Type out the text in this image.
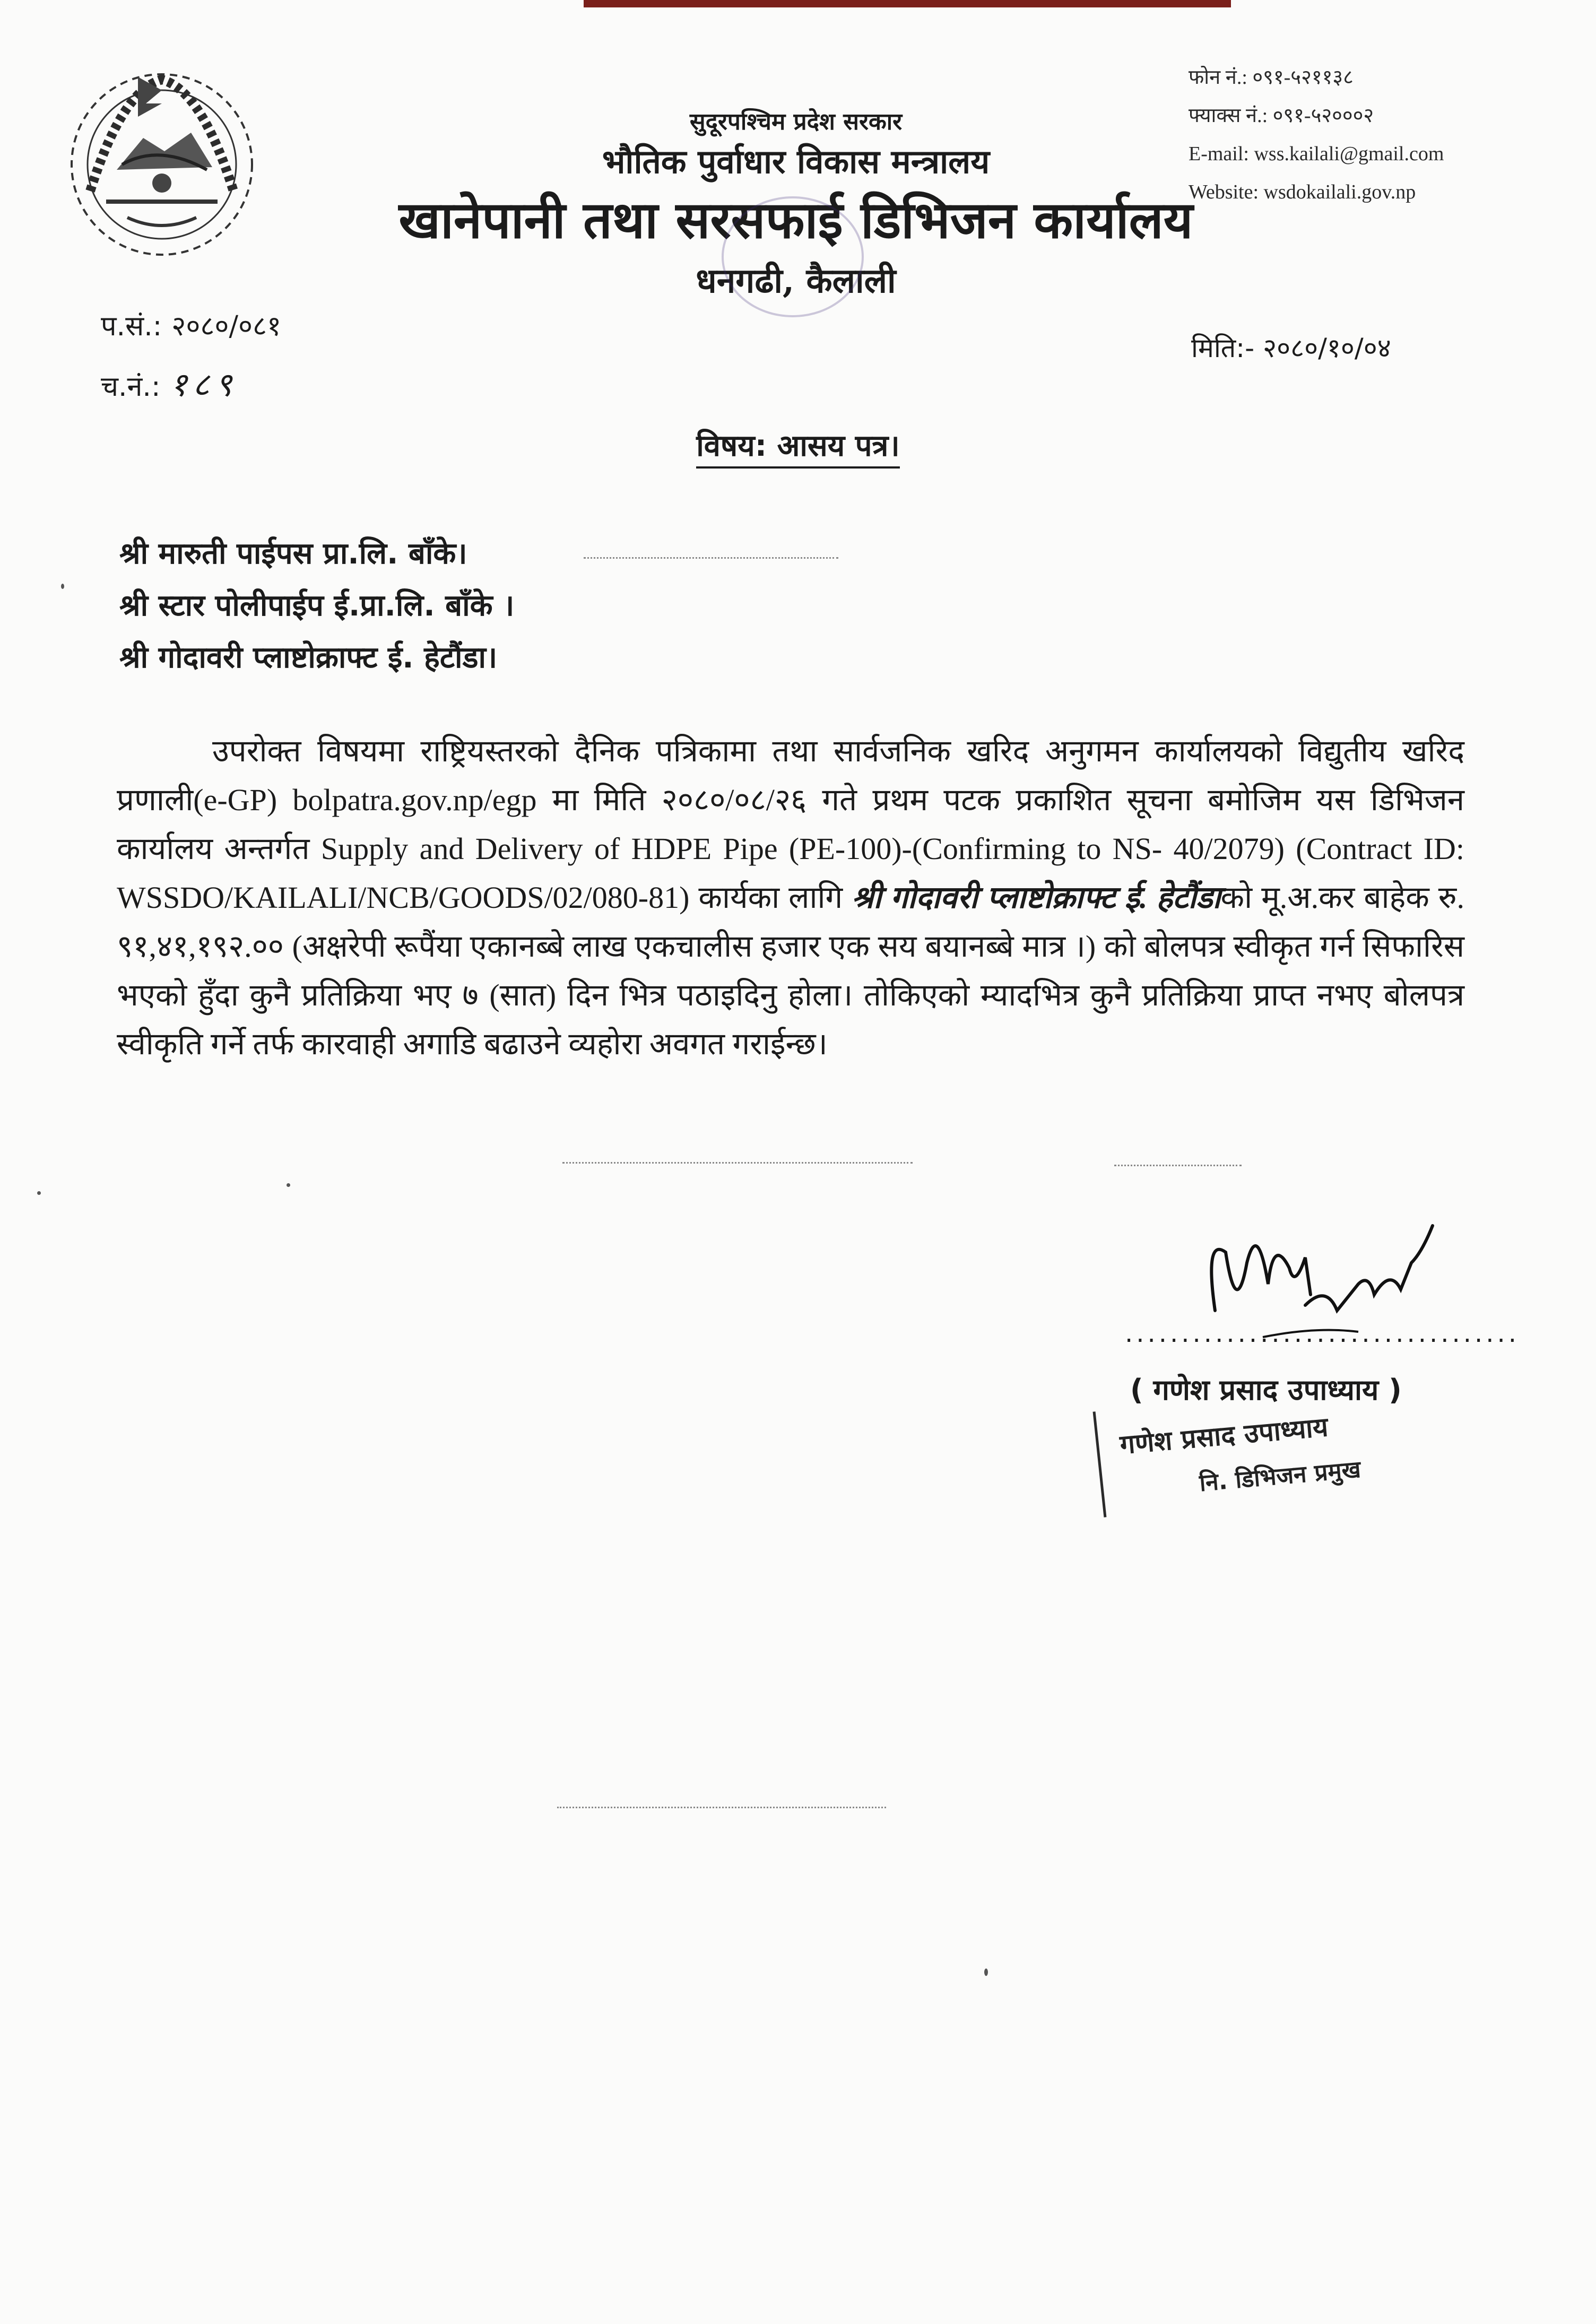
सुदूरपश्चिम प्रदेश सरकार
भौतिक पुर्वाधार विकास मन्त्रालय
खानेपानी तथा सरसफाई डिभिजन कार्यालय
धनगढी, कैलाली
फोन नं.: ०९१-५२११३८
फ्याक्स नं.: ०९१-५२०००२
E-mail: wss.kailali@gmail.com
Website: wsdokailali.gov.np
प.सं.: २०८०/०८१
च.नं.: १८९
मिति:- २०८०/१०/०४
विषय: आसय पत्र।
श्री मारुती पाईपस प्रा.लि. बाँके।
श्री स्टार पोलीपाईप ई.प्रा.लि. बाँके ।
श्री गोदावरी प्लाष्टोक्राफ्ट ई. हेटौंडा।
उपरोक्त विषयमा राष्ट्रियस्तरको दैनिक पत्रिकामा तथा सार्वजनिक खरिद अनुगमन कार्यालयको विद्युतीय खरिद प्रणाली(e-GP) bolpatra.gov.np/egp मा मिति २०८०/०८/२६ गते प्रथम पटक प्रकाशित सूचना बमोजिम यस डिभिजन कार्यालय अन्तर्गत Supply and Delivery of HDPE Pipe (PE-100)-(Confirming to NS- 40/2079) (Contract ID: WSSDO/KAILALI/NCB/GOODS/02/080-81) कार्यका लागि श्री गोदावरी प्लाष्टोक्राफ्ट ई. हेटौंडाको मू.अ.कर बाहेक रु. ९१,४१,१९२.०० (अक्षरेपी रूपैंया एकानब्बे लाख एकचालीस हजार एक सय बयानब्बे मात्र ।) को बोलपत्र स्वीकृत गर्न सिफारिस भएको हुँदा कुनै प्रतिक्रिया भए ७ (सात) दिन भित्र पठाइदिनु होला। तोकिएको म्यादभित्र कुनै प्रतिक्रिया प्राप्त नभए बोलपत्र स्वीकृति गर्ने तर्फ कारवाही अगाडि बढाउने व्यहोरा अवगत गराईन्छ।
...................................
( गणेश प्रसाद उपाध्याय )
गणेश प्रसाद उपाध्याय
नि. डिभिजन प्रमुख
